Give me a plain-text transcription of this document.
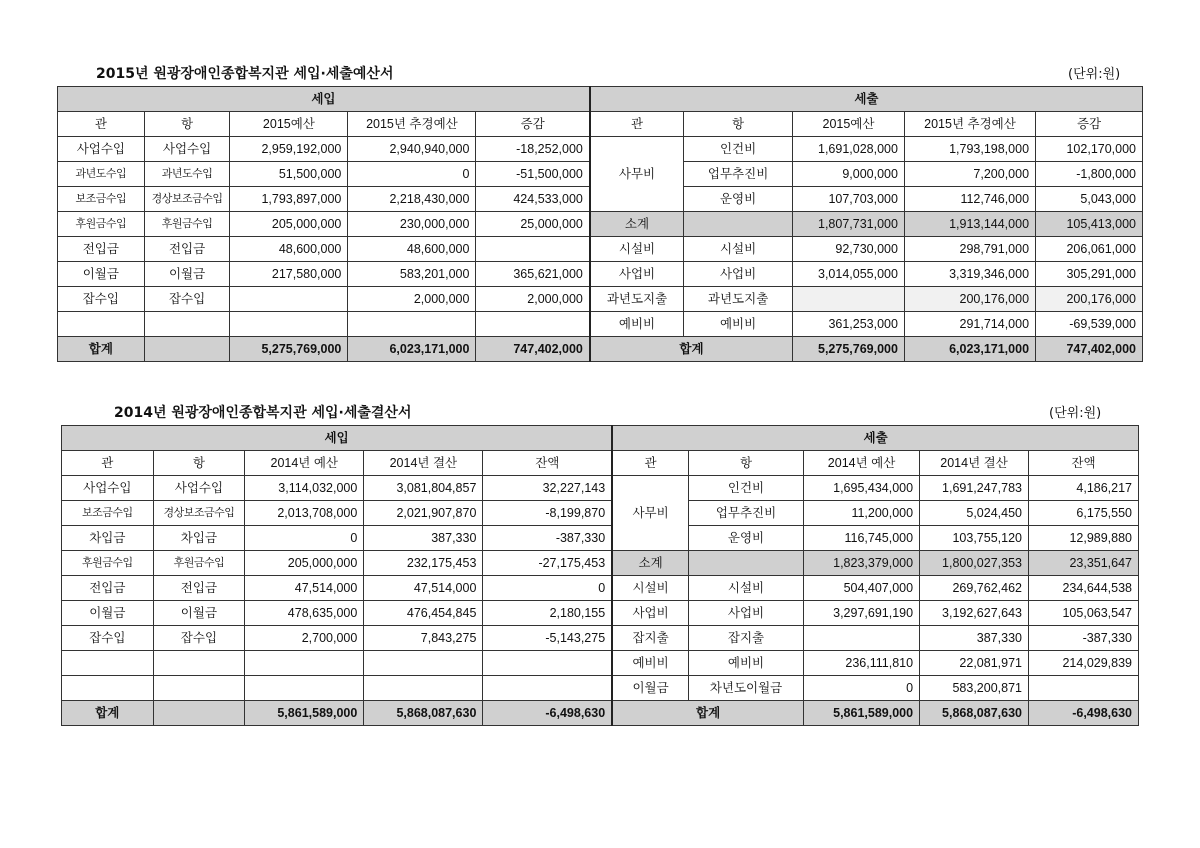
2015년 원광장애인종합복지관 세입·세출예산서	(단위:원)
세입					세출				
관	항	2015예산	2015년 추경예산	증감	관	항	2015예산	2015년 추경예산	증감
사업수입	사업수입	2,959,192,000	2,940,940,000	-18,252,000	사무비	인건비	1,691,028,000	1,793,198,000	102,170,000
과년도수입	과년도수입	51,500,000	0	-51,500,000		업무추진비	9,000,000	7,200,000	-1,800,000
보조금수입	경상보조금수입	1,793,897,000	2,218,430,000	424,533,000		운영비	107,703,000	112,746,000	5,043,000
후원금수입	후원금수입	205,000,000	230,000,000	25,000,000	소계		1,807,731,000	1,913,144,000	105,413,000
전입금	전입금	48,600,000	48,600,000		시설비	시설비	92,730,000	298,791,000	206,061,000
이월금	이월금	217,580,000	583,201,000	365,621,000	사업비	사업비	3,014,055,000	3,319,346,000	305,291,000
잡수입	잡수입		2,000,000	2,000,000	과년도지출	과년도지출		200,176,000	200,176,000
					예비비	예비비	361,253,000	291,714,000	-69,539,000
합계		5,275,769,000	6,023,171,000	747,402,000	합계		5,275,769,000	6,023,171,000	747,402,000
2014년 원광장애인종합복지관 세입·세출결산서	(단위:원)
세입					세출				
관	항	2014년 예산	2014년 결산	잔액	관	항	2014년 예산	2014년 결산	잔액
사업수입	사업수입	3,114,032,000	3,081,804,857	32,227,143	사무비	인건비	1,695,434,000	1,691,247,783	4,186,217
보조금수입	경상보조금수입	2,013,708,000	2,021,907,870	-8,199,870		업무추진비	11,200,000	5,024,450	6,175,550
차입금	차입금	0	387,330	-387,330		운영비	116,745,000	103,755,120	12,989,880
후원금수입	후원금수입	205,000,000	232,175,453	-27,175,453	소계		1,823,379,000	1,800,027,353	23,351,647
전입금	전입금	47,514,000	47,514,000	0	시설비	시설비	504,407,000	269,762,462	234,644,538
이월금	이월금	478,635,000	476,454,845	2,180,155	사업비	사업비	3,297,691,190	3,192,627,643	105,063,547
잡수입	잡수입	2,700,000	7,843,275	-5,143,275	잡지출	잡지출		387,330	-387,330
					예비비	예비비	236,111,810	22,081,971	214,029,839
					이월금	차년도이월금	0	583,200,871	
합계		5,861,589,000	5,868,087,630	-6,498,630	합계		5,861,589,000	5,868,087,630	-6,498,630
